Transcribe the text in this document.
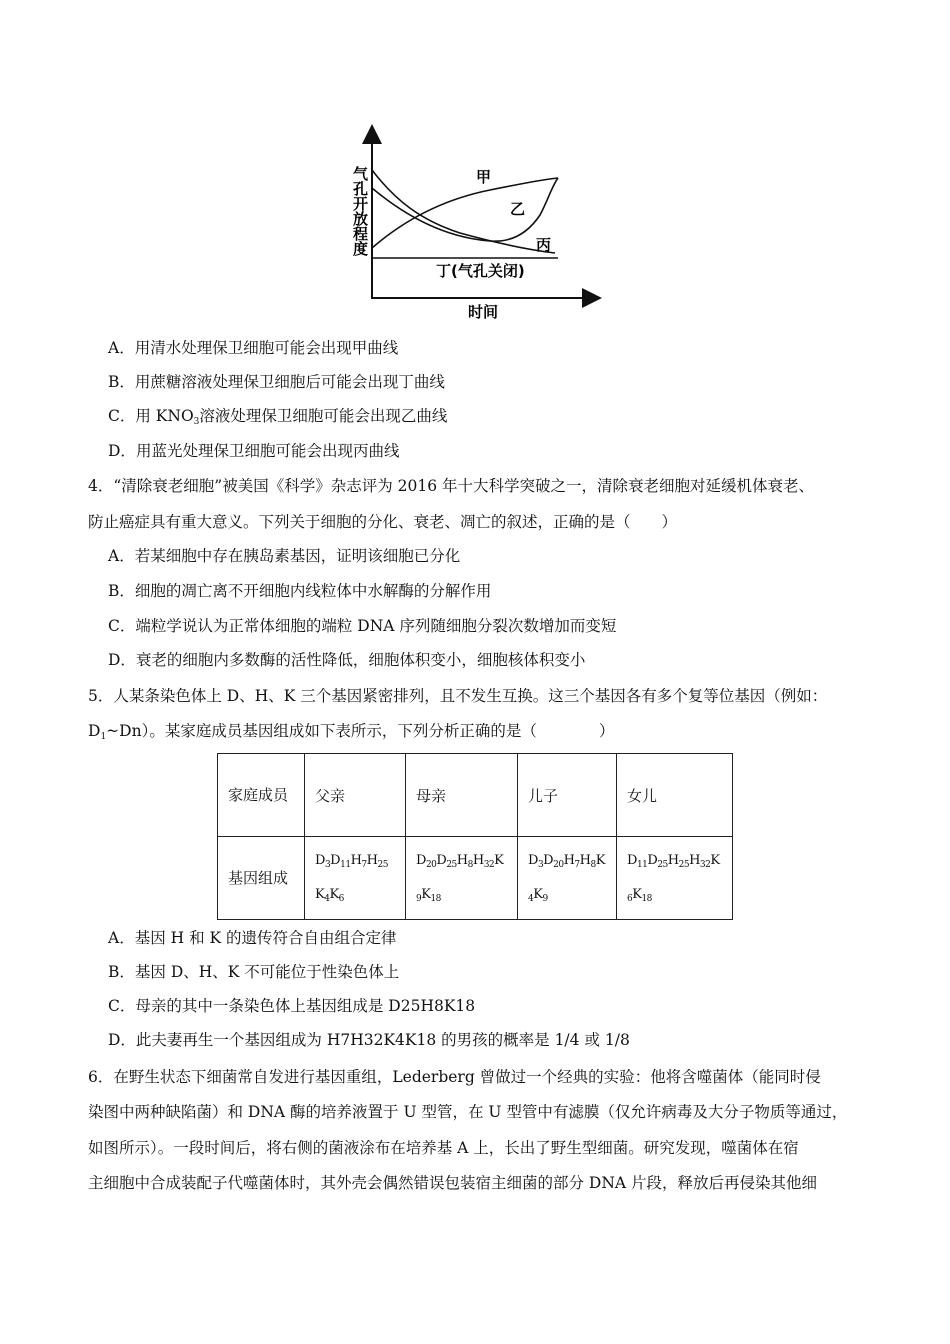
气孔开放程度
时间
甲
乙
丙
丁(气孔关闭)
A．用清水处理保卫细胞可能会出现甲曲线
B．用蔗糖溶液处理保卫细胞后可能会出现丁曲线
C．用 $KNO_3$溶液处理保卫细胞可能会出现乙曲线
D．用蓝光处理保卫细胞可能会出现丙曲线
4．“清除衰老细胞”被美国《科学》杂志评为 2016 年十大科学突破之一，清除衰老细胞对延缓机体衰老、
防止癌症具有重大意义。下列关于细胞的分化、衰老、凋亡的叙述，正确的是（　　）
A．若某细胞中存在胰岛素基因，证明该细胞已分化
B．细胞的凋亡离不开细胞内线粒体中水解酶的分解作用
C．端粒学说认为正常体细胞的端粒 DNA 序列随细胞分裂次数增加而变短
D．衰老的细胞内多数酶的活性降低，细胞体积变小，细胞核体积变小
5．人某条染色体上 D、H、K 三个基因紧密排列，且不发生互换。这三个基因各有多个复等位基因（例如：
$D_1\sim Dn$）。某家庭成员基因组成如下表所示，下列分析正确的是（　　　　）
家庭成员	父亲	母亲	儿子	女儿
基因组成	$D_3D_{11}H_7H_{25}K_4K_6$	$D_{20}D_{25}H_8H_{32}K_9K_{18}$	$D_3D_{20}H_7H_8K_4K_9$	$D_{11}D_{25}H_{25}H_{32}K_6K_{18}$
A．基因 H 和 K 的遗传符合自由组合定律
B．基因 D、H、K 不可能位于性染色体上
C．母亲的其中一条染色体上基因组成是 D25H8K18
D．此夫妻再生一个基因组成为 H7H32K4K18 的男孩的概率是 1/4 或 1/8
6．在野生状态下细菌常自发进行基因重组，Lederberg 曾做过一个经典的实验：他将含噬菌体（能同时侵
染图中两种缺陷菌）和 DNA 酶的培养液置于 U 型管，在 U 型管中有滤膜（仅允许病毒及大分子物质等通过，
如图所示）。一段时间后，将右侧的菌液涂布在培养基 A 上，长出了野生型细菌。研究发现，噬菌体在宿
主细胞中合成装配子代噬菌体时，其外壳会偶然错误包装宿主细菌的部分 DNA 片段，释放后再侵染其他细
